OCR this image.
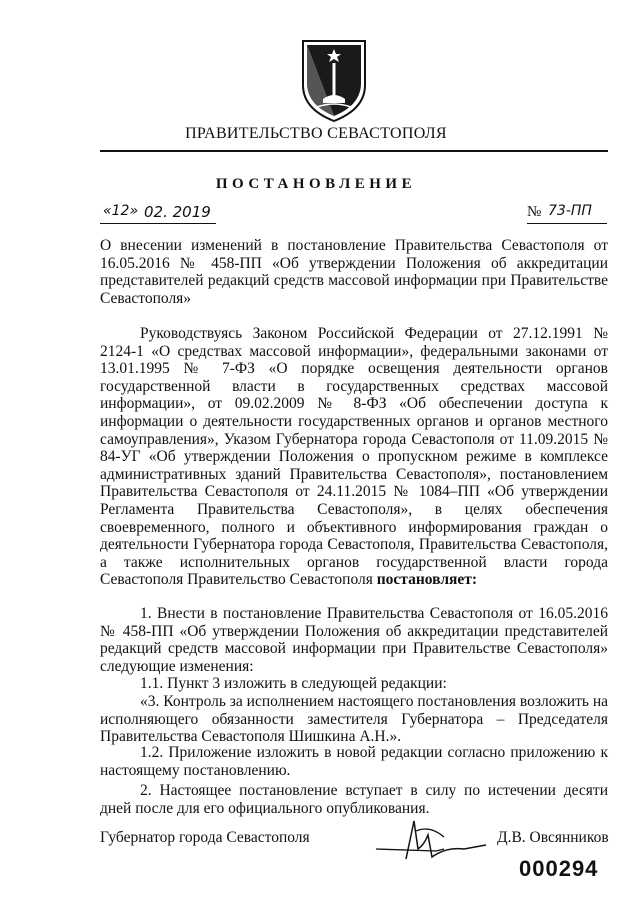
ПРАВИТЕЛЬСТВО СЕВАСТОПОЛЯ
ПОСТАНОВЛЕНИЕ
«12» 02. 2019	№ 73-ПП

О внесении изменений в постановление Правительства Севастополя от 16.05.2016 № 458-ПП «Об утверждении Положения об аккредитации представителей редакций средств массовой информации при Правительстве Севастополя»

Руководствуясь Законом Российской Федерации от 27.12.1991 № 2124-1 «О средствах массовой информации», федеральными законами от 13.01.1995 № 7-ФЗ «О порядке освещения деятельности органов государственной власти в государственных средствах массовой информации», от 09.02.2009 № 8-ФЗ «Об обеспечении доступа к информации о деятельности государственных органов и органов местного самоуправления», Указом Губернатора города Севастополя от 11.09.2015 № 84-УГ «Об утверждении Положения о пропускном режиме в комплексе административных зданий Правительства Севастополя», постановлением Правительства Севастополя от 24.11.2015 № 1084–ПП «Об утверждении Регламента Правительства Севастополя», в целях обеспечения своевременного, полного и объективного информирования граждан о деятельности Губернатора города Севастополя, Правительства Севастополя, а также исполнительных органов государственной власти города Севастополя Правительство Севастополя постановляет:

1. Внести в постановление Правительства Севастополя от 16.05.2016 № 458-ПП «Об утверждении Положения об аккредитации представителей редакций средств массовой информации при Правительстве Севастополя» следующие изменения:

1.1. Пункт 3 изложить в следующей редакции:

«3. Контроль за исполнением настоящего постановления возложить на исполняющего обязанности заместителя Губернатора – Председателя Правительства Севастополя Шишкина А.Н.».

1.2. Приложение изложить в новой редакции согласно приложению к настоящему постановлению.

2. Настоящее постановление вступает в силу по истечении десяти дней после для его официального опубликования.

Губернатор города Севастополя	Д.В. Овсянников
000294
